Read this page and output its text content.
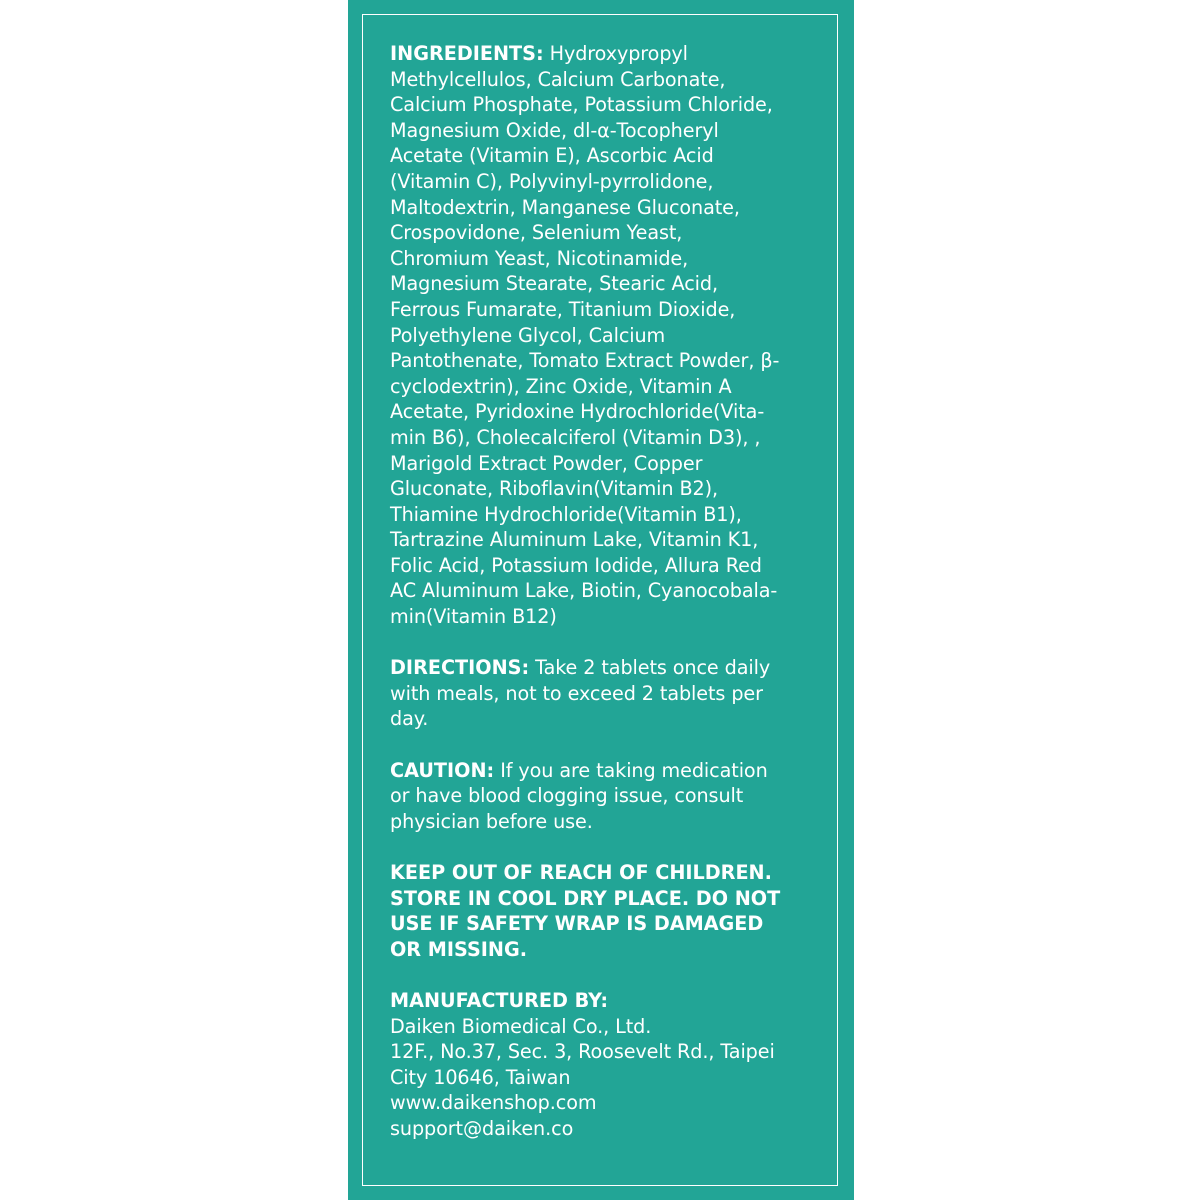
INGREDIENTS: Hydroxypropyl
Methylcellulos, Calcium Carbonate,
Calcium Phosphate, Potassium Chloride,
Magnesium Oxide, dl-α-Tocopheryl
Acetate (Vitamin E), Ascorbic Acid
(Vitamin C), Polyvinyl-pyrrolidone,
Maltodextrin, Manganese Gluconate,
Crospovidone, Selenium Yeast,
Chromium Yeast, Nicotinamide,
Magnesium Stearate, Stearic Acid,
Ferrous Fumarate, Titanium Dioxide,
Polyethylene Glycol, Calcium
Pantothenate, Tomato Extract Powder, β-
cyclodextrin), Zinc Oxide, Vitamin A
Acetate, Pyridoxine Hydrochloride(Vita-
min B6), Cholecalciferol (Vitamin D3), ,
Marigold Extract Powder, Copper
Gluconate, Riboflavin(Vitamin B2),
Thiamine Hydrochloride(Vitamin B1),
Tartrazine Aluminum Lake, Vitamin K1,
Folic Acid, Potassium Iodide, Allura Red
AC Aluminum Lake, Biotin, Cyanocobala-
min(Vitamin B12)

DIRECTIONS: Take 2 tablets once daily
with meals, not to exceed 2 tablets per
day.

CAUTION: If you are taking medication
or have blood clogging issue, consult
physician before use.

KEEP OUT OF REACH OF CHILDREN.
STORE IN COOL DRY PLACE. DO NOT
USE IF SAFETY WRAP IS DAMAGED
OR MISSING.

MANUFACTURED BY:
Daiken Biomedical Co., Ltd.
12F., No.37, Sec. 3, Roosevelt Rd., Taipei
City 10646, Taiwan
www.daikenshop.com
support@daiken.co
